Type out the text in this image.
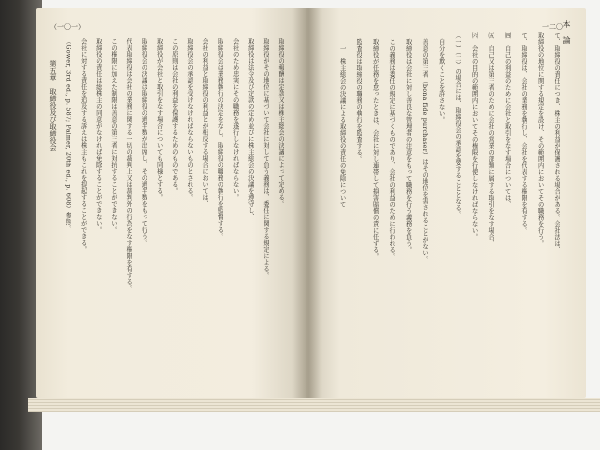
第五章　取締役及び取締役会	取締役の報酬は定款又は株主総会の決議によって定める。
取締役がその地位に基づいて会社に対して負う義務は、委任に関する規定による。
取締役は法令及び定款の定め並びに株主総会の決議を遵守し、
会社のため忠実にその職務を遂行しなければならない。
取締役会は業務執行の決定をなし、取締役の職務の執行を監督する。
会社の利益と取締役の利益とが相反する場合においては、
取締役会の承認を受けなければならないものとされる。
この原則は会社の利益を保護するためのものである。
取締役が会社と取引をなす場合についても同様とする。
取締役会の決議は取締役の過半数が出席し、その過半数をもって行う。
代表取締役は会社の業務に関する一切の裁判上又は裁判外の行為をなす権限を有する。
この権限に加えた制限は善意の第三者に対抗することができない。
取締役の責任は総株主の同意がなければ免除することができない。
会社に対する責任を追及する訴えは株主もこれを提起することができる。
（Gower, 3rd ed., p. 587; Palmer, 20th ed., p. 608）参照。
（一〇一）	本　論
て、取締役の責任につき、株主の利益が保護される場合がある。会社法は、
取締役の地位に関する規定を設け、その範囲内においてその職務を行う。
て、取締役は、会社の業務を執行し、会社を代表する権限を有する。
㈣　自己の利益のために会社と取引をなす場合については、
㈤　自己又は第三者のために会社の営業の部類に属する取引をなす場合、
㈥　会社の目的の範囲内においてその権限を行使しなければならない。
（一）（二）の場合には、取締役会の承認を要することとなる。
　自分を欺くことを許さない。
　善意の第三者（bona fide purchaser）はその地位を害されることがない。
　取締役は会社に対し善良な管理者の注意をもって職務を行う義務を負う。
　この義務は委任の規定に基づくものであり、会社の利益のために行われる。
　取締役が任務を怠ったときは、会社に対し連帯して損害賠償の責に任ずる。
　監査役は取締役の職務の執行を監査する。
　　一　株主総会の決議による取締役の責任の免除について
一二〇
